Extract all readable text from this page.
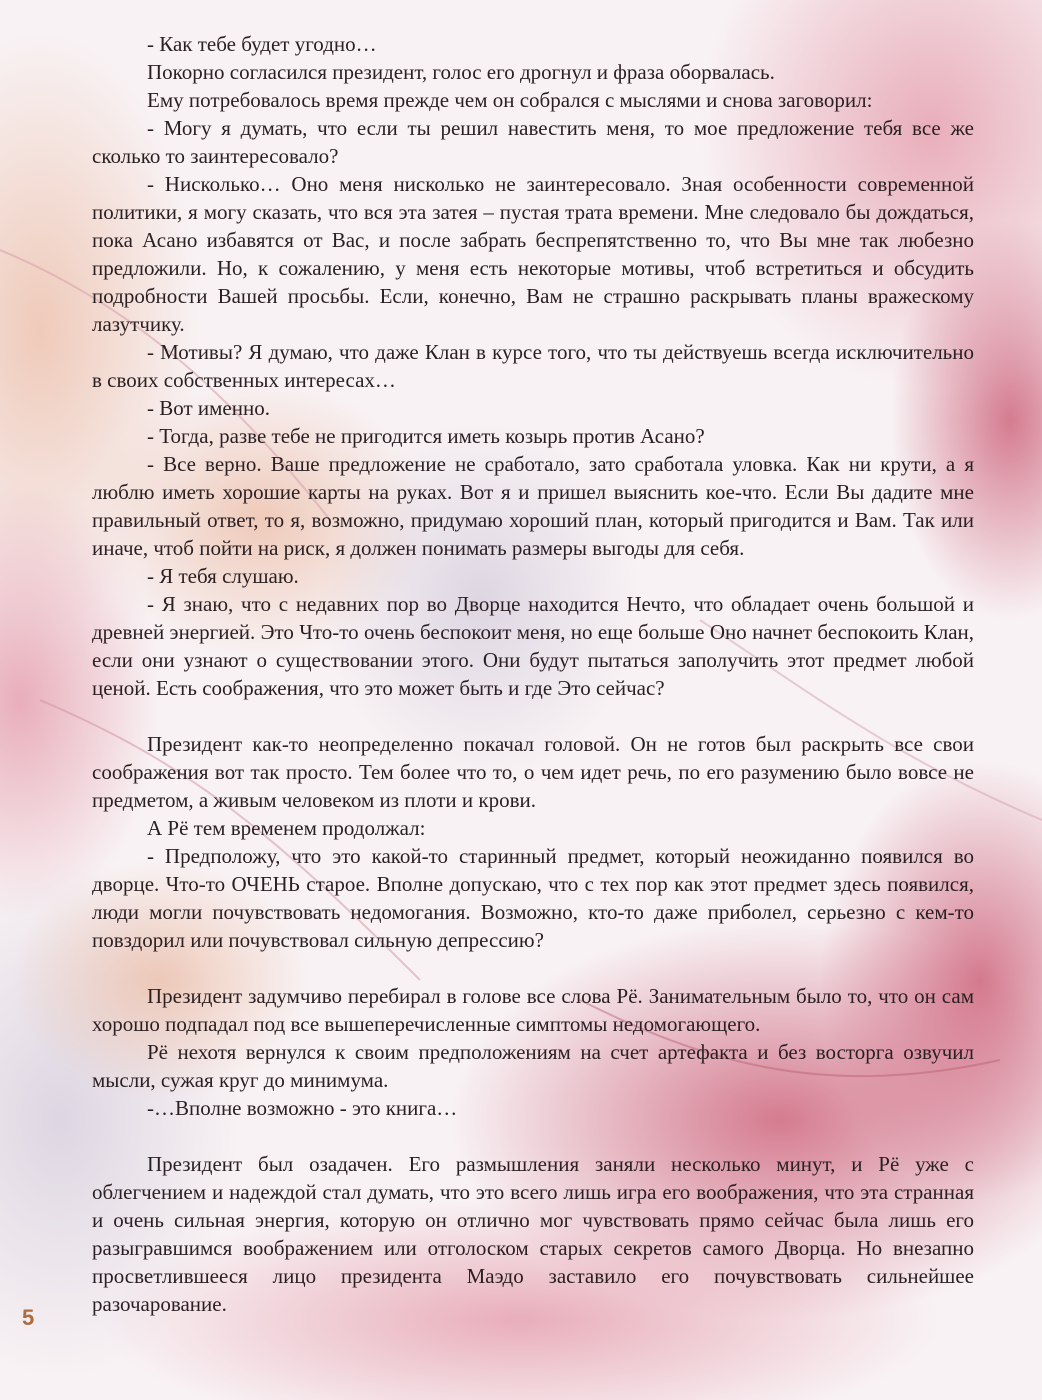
- Как тебе будет угодно…

Покорно согласился президент, голос его дрогнул и фраза оборвалась.

Ему потребовалось время прежде чем он собрался с мыслями и снова заговорил:

- Могу я думать, что если ты решил навестить меня, то мое предложение тебя все же сколько то заинтересовало?

- Нисколько… Оно меня нисколько не заинтересовало. Зная особенности современной политики, я могу сказать, что вся эта затея – пустая трата времени. Мне следовало бы дождаться, пока Асано избавятся от Вас, и после забрать беспрепятственно то, что Вы мне так любезно предложили. Но, к сожалению, у меня есть некоторые мотивы, чтоб встретиться и обсудить подробности Вашей просьбы. Если, конечно, Вам не страшно раскрывать планы вражескому лазутчику.

- Мотивы? Я думаю, что даже Клан в курсе того, что ты действуешь всегда исключительно в своих собственных интересах…

- Вот именно.

- Тогда, разве тебе не пригодится иметь козырь против Асано?

- Все верно. Ваше предложение не сработало, зато сработала уловка. Как ни крути, а я люблю иметь хорошие карты на руках. Вот я и пришел выяснить кое-что. Если Вы дадите мне правильный ответ, то я, возможно, придумаю хороший план, который пригодится и Вам. Так или иначе, чтоб пойти на риск, я должен понимать размеры выгоды для себя.

- Я тебя слушаю.

- Я знаю, что с недавних пор во Дворце находится Нечто, что обладает очень большой и древней энергией. Это Что-то очень беспокоит меня, но еще больше Оно начнет беспокоить Клан, если они узнают о существовании этого. Они будут пытаться заполучить этот предмет любой ценой. Есть соображения, что это может быть и где Это сейчас?

Президент как-то неопределенно покачал головой. Он не готов был раскрыть все свои соображения вот так просто. Тем более что то, о чем идет речь, по его разумению было вовсе не предметом, а живым человеком из плоти и крови.

А Рё тем временем продолжал:

- Предположу, что это какой-то старинный предмет, который неожиданно появился во дворце. Что-то ОЧЕНЬ старое. Вполне допускаю, что с тех пор как этот предмет здесь появился, люди могли почувствовать недомогания. Возможно, кто-то даже приболел, серьезно с кем-то повздорил или почувствовал сильную депрессию?

Президент задумчиво перебирал в голове все слова Рё. Занимательным было то, что он сам хорошо подпадал под все вышеперечисленные симптомы недомогающего.

Рё нехотя вернулся к своим предположениям на счет артефакта и без восторга озвучил мысли, сужая круг до минимума.

-…Вполне возможно - это книга…

Президент был озадачен. Его размышления заняли несколько минут, и Рё уже с облегчением и надеждой стал думать, что это всего лишь игра его воображения, что эта странная и очень сильная энергия, которую он отлично мог чувствовать прямо сейчас была лишь его разыгравшимся воображением или отголоском старых секретов самого Дворца. Но внезапно просветлившееся лицо президента Маэдо заставило его почувствовать сильнейшее разочарование.

5
